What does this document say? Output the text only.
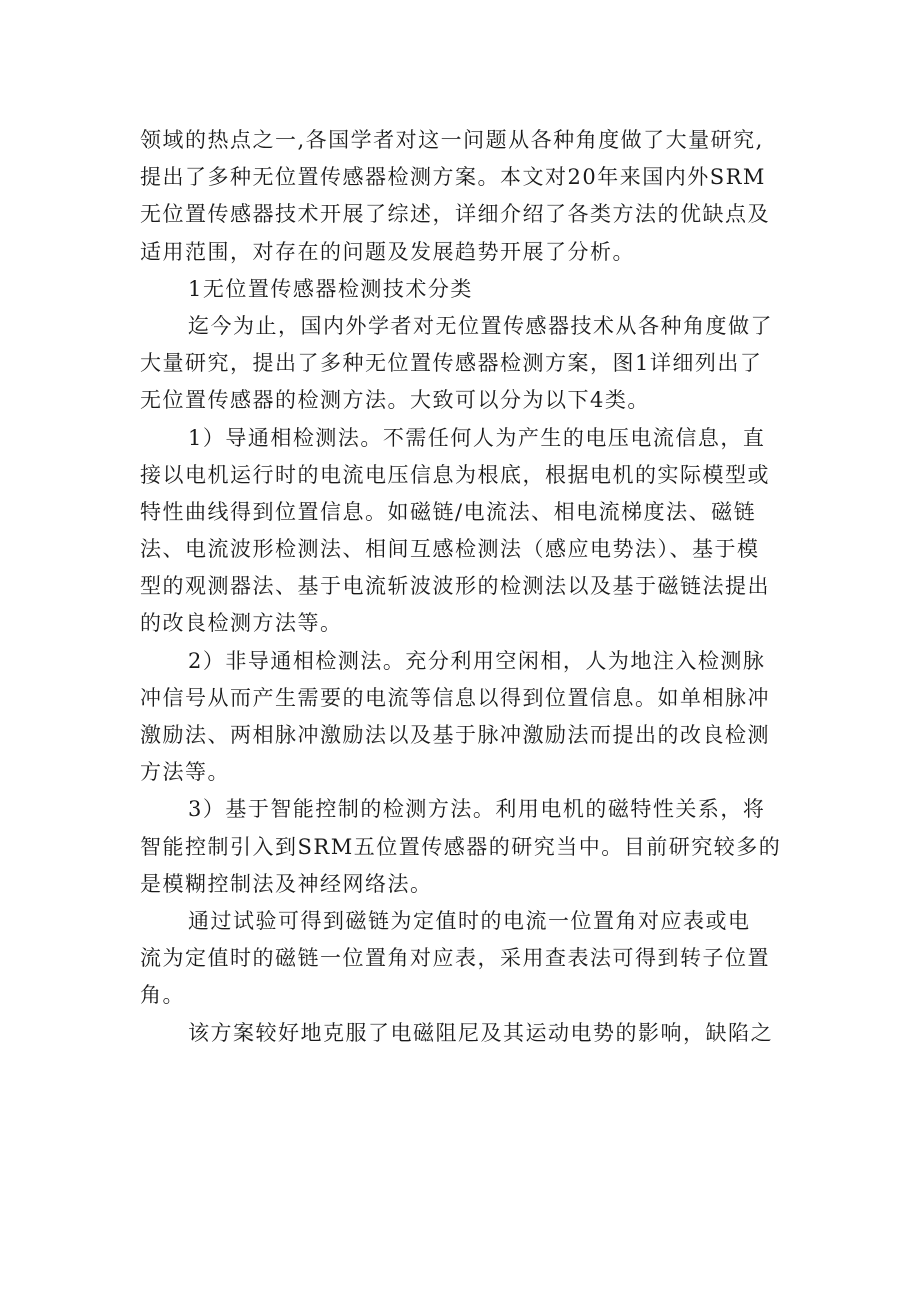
领域的热点之一,各国学者对这一问题从各种角度做了大量研究,
提出了多种无位置传感器检测方案。本文对20年来国内外SRM
无位置传感器技术开展了综述，详细介绍了各类方法的优缺点及
适用范围，对存在的问题及发展趋势开展了分析。

1无位置传感器检测技术分类

迄今为止，国内外学者对无位置传感器技术从各种角度做了
大量研究，提出了多种无位置传感器检测方案，图1详细列出了
无位置传感器的检测方法。大致可以分为以下4类。

1）导通相检测法。不需任何人为产生的电压电流信息，直
接以电机运行时的电流电压信息为根底，根据电机的实际模型或
特性曲线得到位置信息。如磁链/电流法、相电流梯度法、磁链
法、电流波形检测法、相间互感检测法（感应电势法）、基于模
型的观测器法、基于电流斩波波形的检测法以及基于磁链法提出
的改良检测方法等。

2）非导通相检测法。充分利用空闲相，人为地注入检测脉
冲信号从而产生需要的电流等信息以得到位置信息。如单相脉冲
激励法、两相脉冲激励法以及基于脉冲激励法而提出的改良检测
方法等。

3）基于智能控制的检测方法。利用电机的磁特性关系，将
智能控制引入到SRM五位置传感器的研究当中。目前研究较多的
是模糊控制法及神经网络法。

通过试验可得到磁链为定值时的电流一位置角对应表或电
流为定值时的磁链一位置角对应表，采用查表法可得到转子位置
角。

该方案较好地克服了电磁阻尼及其运动电势的影响，缺陷之
